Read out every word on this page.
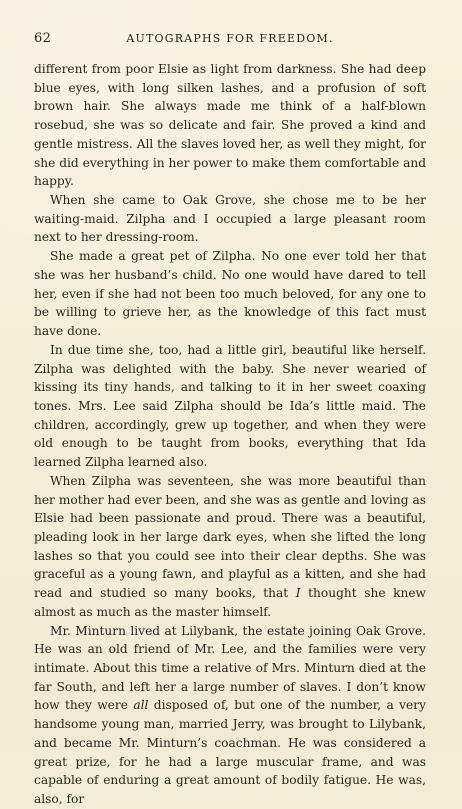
62	AUTOGRAPHS FOR FREEDOM.

different from poor Elsie as light from darkness. She had deep blue eyes, with long silken lashes, and a profusion of soft brown hair. She always made me think of a half-blown rosebud, she was so delicate and fair. She proved a kind and gentle mistress. All the slaves loved her, as well they might, for she did everything in her power to make them comfortable and happy.

When she came to Oak Grove, she chose me to be her waiting-maid. Zilpha and I occupied a large pleasant room next to her dressing-room.

She made a great pet of Zilpha. No one ever told her that she was her husband’s child. No one would have dared to tell her, even if she had not been too much beloved, for any one to be willing to grieve her, as the knowledge of this fact must have done.

In due time she, too, had a little girl, beautiful like herself. Zilpha was delighted with the baby. She never wearied of kissing its tiny hands, and talking to it in her sweet coaxing tones. Mrs. Lee said Zilpha should be Ida’s little maid. The children, accordingly, grew up together, and when they were old enough to be taught from books, everything that Ida learned Zilpha learned also.

When Zilpha was seventeen, she was more beautiful than her mother had ever been, and she was as gentle and loving as Elsie had been passionate and proud. There was a beautiful, pleading look in her large dark eyes, when she lifted the long lashes so that you could see into their clear depths. She was graceful as a young fawn, and playful as a kitten, and she had read and studied so many books, that I thought she knew almost as much as the master himself.

Mr. Minturn lived at Lilybank, the estate joining Oak Grove. He was an old friend of Mr. Lee, and the families were very intimate. About this time a relative of Mrs. Minturn died at the far South, and left her a large number of slaves. I don’t know how they were all disposed of, but one of the number, a very handsome young man, married Jerry, was brought to Lilybank, and became Mr. Minturn’s coachman. He was considered a great prize, for he had a large muscular frame, and was capable of enduring a great amount of bodily fatigue. He was, also, for
